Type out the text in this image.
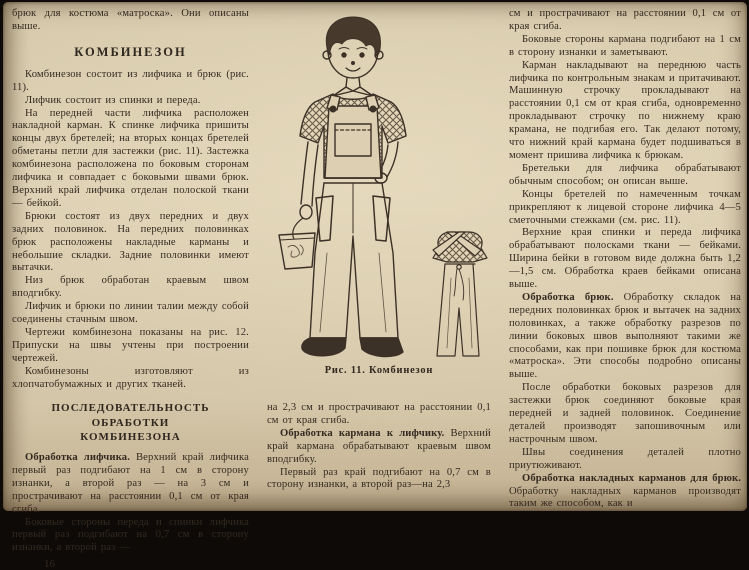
брюк для костюма «матроска». Они описаны выше.

КОМБИНЕЗОН

Комбинезон состоит из лифчика и брюк (рис. 11).

Лифчик состоит из спинки и переда.

На передней части лифчика расположен накладной карман. К спинке лифчика пришиты концы двух бретелей; на вторых концах бретелей обметаны петли для застежки (рис. 11). Застежка комбинезона расположена по боковым сторонам лифчика и совпадает с боковыми швами брюк. Верхний край лифчика отделан полоской ткани — бейкой.

Брюки состоят из двух передних и двух задних половинок. На передних половинках брюк расположены накладные карманы и небольшие складки. Задние половинки имеют вытачки.

Низ брюк обработан краевым швом вподгибку.

Лифчик и брюки по линии талии между собой соединены стачным швом.

Чертежи комбинезона показаны на рис. 12. Припуски на швы учтены при построении чертежей.

Комбинезоны изготовляют из хлопчатобумажных и других тканей.

ПОСЛЕДОВАТЕЛЬНОСТЬ ОБРАБОТКИ
КОМБИНЕЗОНА

Обработка лифчика. Верхний край лифчика первый раз подгибают на 1 см в сторону изнанки, а второй раз — на 3 см и прострачивают на расстоянии 0,1 см от края сгиба.

Боковые стороны переда и спинки лифчика первый раз подгибают на 0,7 см в сторону изнанки, а второй раз —

16
Рис. 11. Комбинезон

на 2,3 см и прострачивают на расстоянии 0,1 см от края сгиба.

Обработка кармана к лифчику. Верхний край кармана обрабатывают краевым швом вподгибку.

Первый раз край подгибают на 0,7 см в сторону изнанки, а второй раз—на 2,3

см и прострачивают на расстоянии 0,1 см от края сгиба.

Боковые стороны кармана подгибают на 1 см в сторону изнанки и заметывают.

Карман накладывают на переднюю часть лифчика по контрольным знакам и притачивают. Машинную строчку прокладывают на расстоянии 0,1 см от края сгиба, одновременно прокладывают строчку по нижнему краю крамана, не подгибая его. Так делают потому, что нижний край кармана будет подшиваться в момент пришива лифчика к брюкам.

Бретельки для лифчика обрабатывают обычным способом; он описан выше.

Концы бретелей по намеченным точкам прикрепляют к лицевой стороне лифчика 4—5 сметочными стежками (см. рис. 11).

Верхние края спинки и переда лифчика обрабатывают полосками ткани — бейками. Ширина бейки в готовом виде должна быть 1,2—1,5 см. Обработка краев бейками описана выше.

Обработка брюк. Обработку складок на передних половинках брюк и вытачек на задних половинках, а также обработку разрезов по линии боковых швов выполняют такими же способами, как при пошивке брюк для костюма «матроска». Эти способы подробно описаны выше.

После обработки боковых разрезов для застежки брюк соединяют боковые края передней и задней половинок. Соединение деталей производят запошивочным или настрочным швом.

Швы соединения деталей плотно приутюживают.

Обработка накладных карманов для брюк. Обработку накладных карманов производят таким же способом, как и
